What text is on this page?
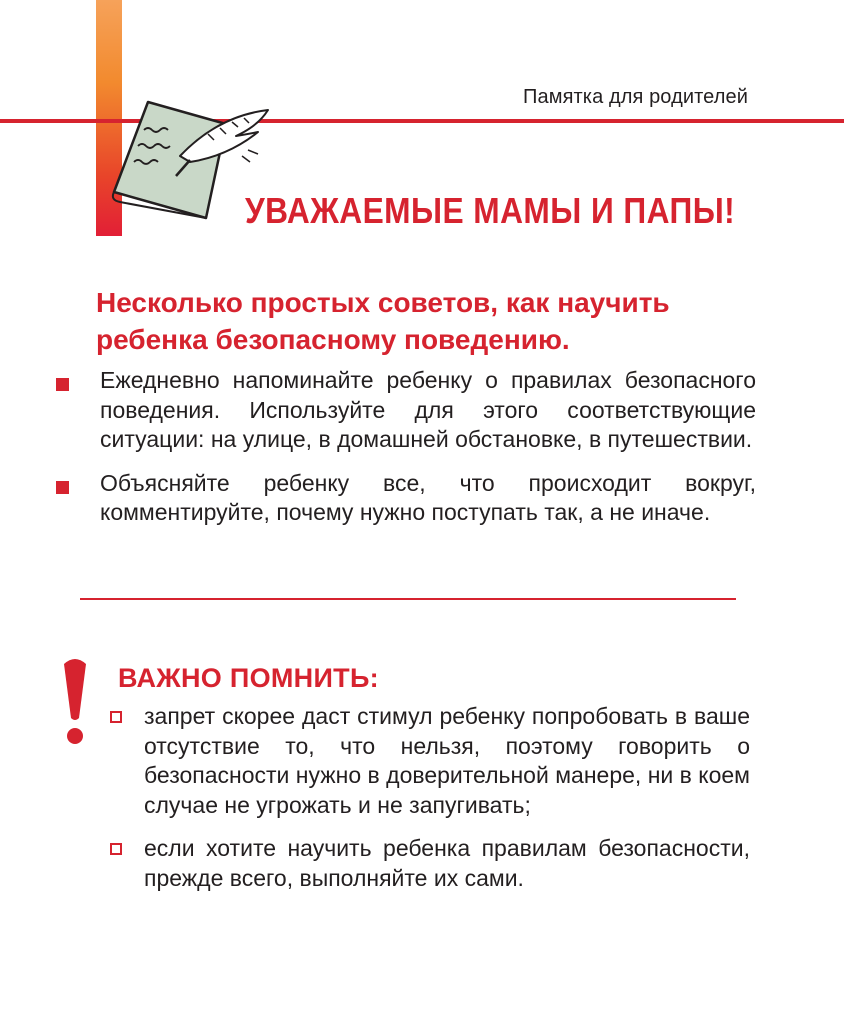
Памятка для родителей
УВАЖАЕМЫЕ МАМЫ И ПАПЫ!
Несколько простых советов, как научить ребенка безопасному поведению.
Ежедневно напоминайте ребенку о правилах безопасного поведения. Используйте для этого соответствующие ситуации: на улице, в домашней обстановке, в путешествии.
Объясняйте ребенку все, что происходит вокруг, комментируйте, почему нужно поступать так, а не иначе.
ВАЖНО ПОМНИТЬ:
запрет скорее даст стимул ребенку попробовать в ваше отсутствие то, что нельзя, поэтому говорить о безопасности нужно в доверительной манере, ни в коем случае не угрожать и не запугивать;
если хотите научить ребенка правилам безопасности, прежде всего, выполняйте их сами.
